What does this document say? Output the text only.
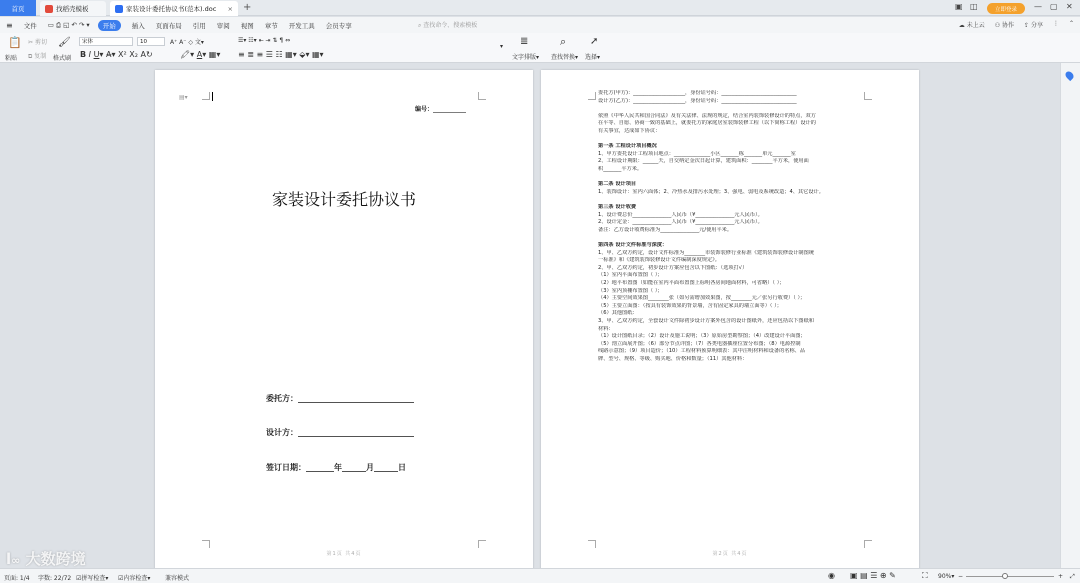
首页	找稻壳模板	家装设计委托协议书(范本).doc × +	▣ ◫	立即登录 — ▢ ✕
≡ 文件 ▭ ⎙ ◱ ↶ ↷ ▾	开始	插入 页面布局 引用 审阅 视图 章节 开发工具 会员专享	⌕ 查找命令、搜索模板	☁ 未上云 ⚇ 协作 ⇪ 分享 ⋮ ⌃
📋
粘贴
✂ 剪切
⧉ 复制
🖌
格式刷
宋体	10	A⁺ A⁻ ◇ 文▾
B I U▾ A̶▾ X² X₂ A↻	🖍▾ A▾ ▦▾
☰▾ ☷▾ ⇤ ⇥ ⇅ ¶ ⇔
≡ ≣ ≡ ☰ ☷ ▦▾ ⬙▾ ▦▾
▾ ≣
文字排版▾
⌕
查找替换▾
➚
选择▾
▤▾
编号：___________
家装设计委托协议书
委托方：_____________________________
设计方：_____________________________
签订日期：_______年______月______日
第1页 共4页
委托方(甲方)：____________________，身份证号码：_____________________________
设计方(乙方)：____________________，身份证号码：_____________________________
依照《中华人民共和国合同法》及有关法律、法规的规定，结合室内装饰装修设计的特点，双方
在平等、自愿、协商一致的基础上，就委托方的家庭居室装饰装修工程（以下简称工程）设计的
有关事宜，达成如下协议：
第一条 工程设计项目概况
1、甲方委托设计工程项目地点：______________小区_______栋_______单元_______室
2、工程设计期限：______天，自交纳定金次日起计算，建筑面积：________平方米，使用面
积_______平方米。
第二条 设计项目
1、装饰设计：室内六面体；2、冷热水及排污水处理；3、强电、弱电及系统改造；4、其它设计。
第三条 设计收费
1、设计费总价_______________人民币（¥_______________元人民币）。
2、设计定金：_______________人民币（¥_______________元人民币）。
备注：乙方设计收费标准为_______________元/使用平米。
第四条 设计文件标准与深度：
1、甲、乙双方约定，设计文件标准为________市装饰装修行业标准《建筑装饰装修设计制图统
一标准》和《建筑装饰装修设计文件编制深度规定》。
2、甲、乙双方约定，初步设计方案应包含以下图纸：（选项打√）
（1）室内平面布置图（ ）；
（2）地平布置图（如能在室内平面布置图上标明各房间地面材料，可省略）（ ）；
（3）室内顶棚布置图（ ）；
（4）主要空间效果图________张（如另需增加效果图，按________元／张另行收费）（ ）；
（5）主要立面图：（按具有装饰效果的背景墙，含有固定家具的墙立面等）（ ）；
（6）其他图纸：
3、甲、乙双方约定，全套设计文件除初步设计方案外包含的设计图纸外，还应包括以下图纸和
材料：
（1）设计图纸目录；（2）设计及施工说明；（3）原始房型勘察图；（4）改建设计平面图；
（5）剖立面展开图；（6）部分节点详图；（7）各类电器插座位置分布图；（8）电源控制
线路示意图；（9）项目造价；（10）工程材料预算明细表：其中注明材料和设备的名称、品
牌、型号、规格、等级、购买地、价格和数量；（11）其他材料：
第2页 共4页
页面: 1/4 字数: 22/72 ☑拼写检查▾ ☑内容检查▾ 兼容模式	◉ ▣ ▤ ☰ ⊕ ✎	⛶ 90%▾ −	+ ⤢
l∞ 大数跨境
